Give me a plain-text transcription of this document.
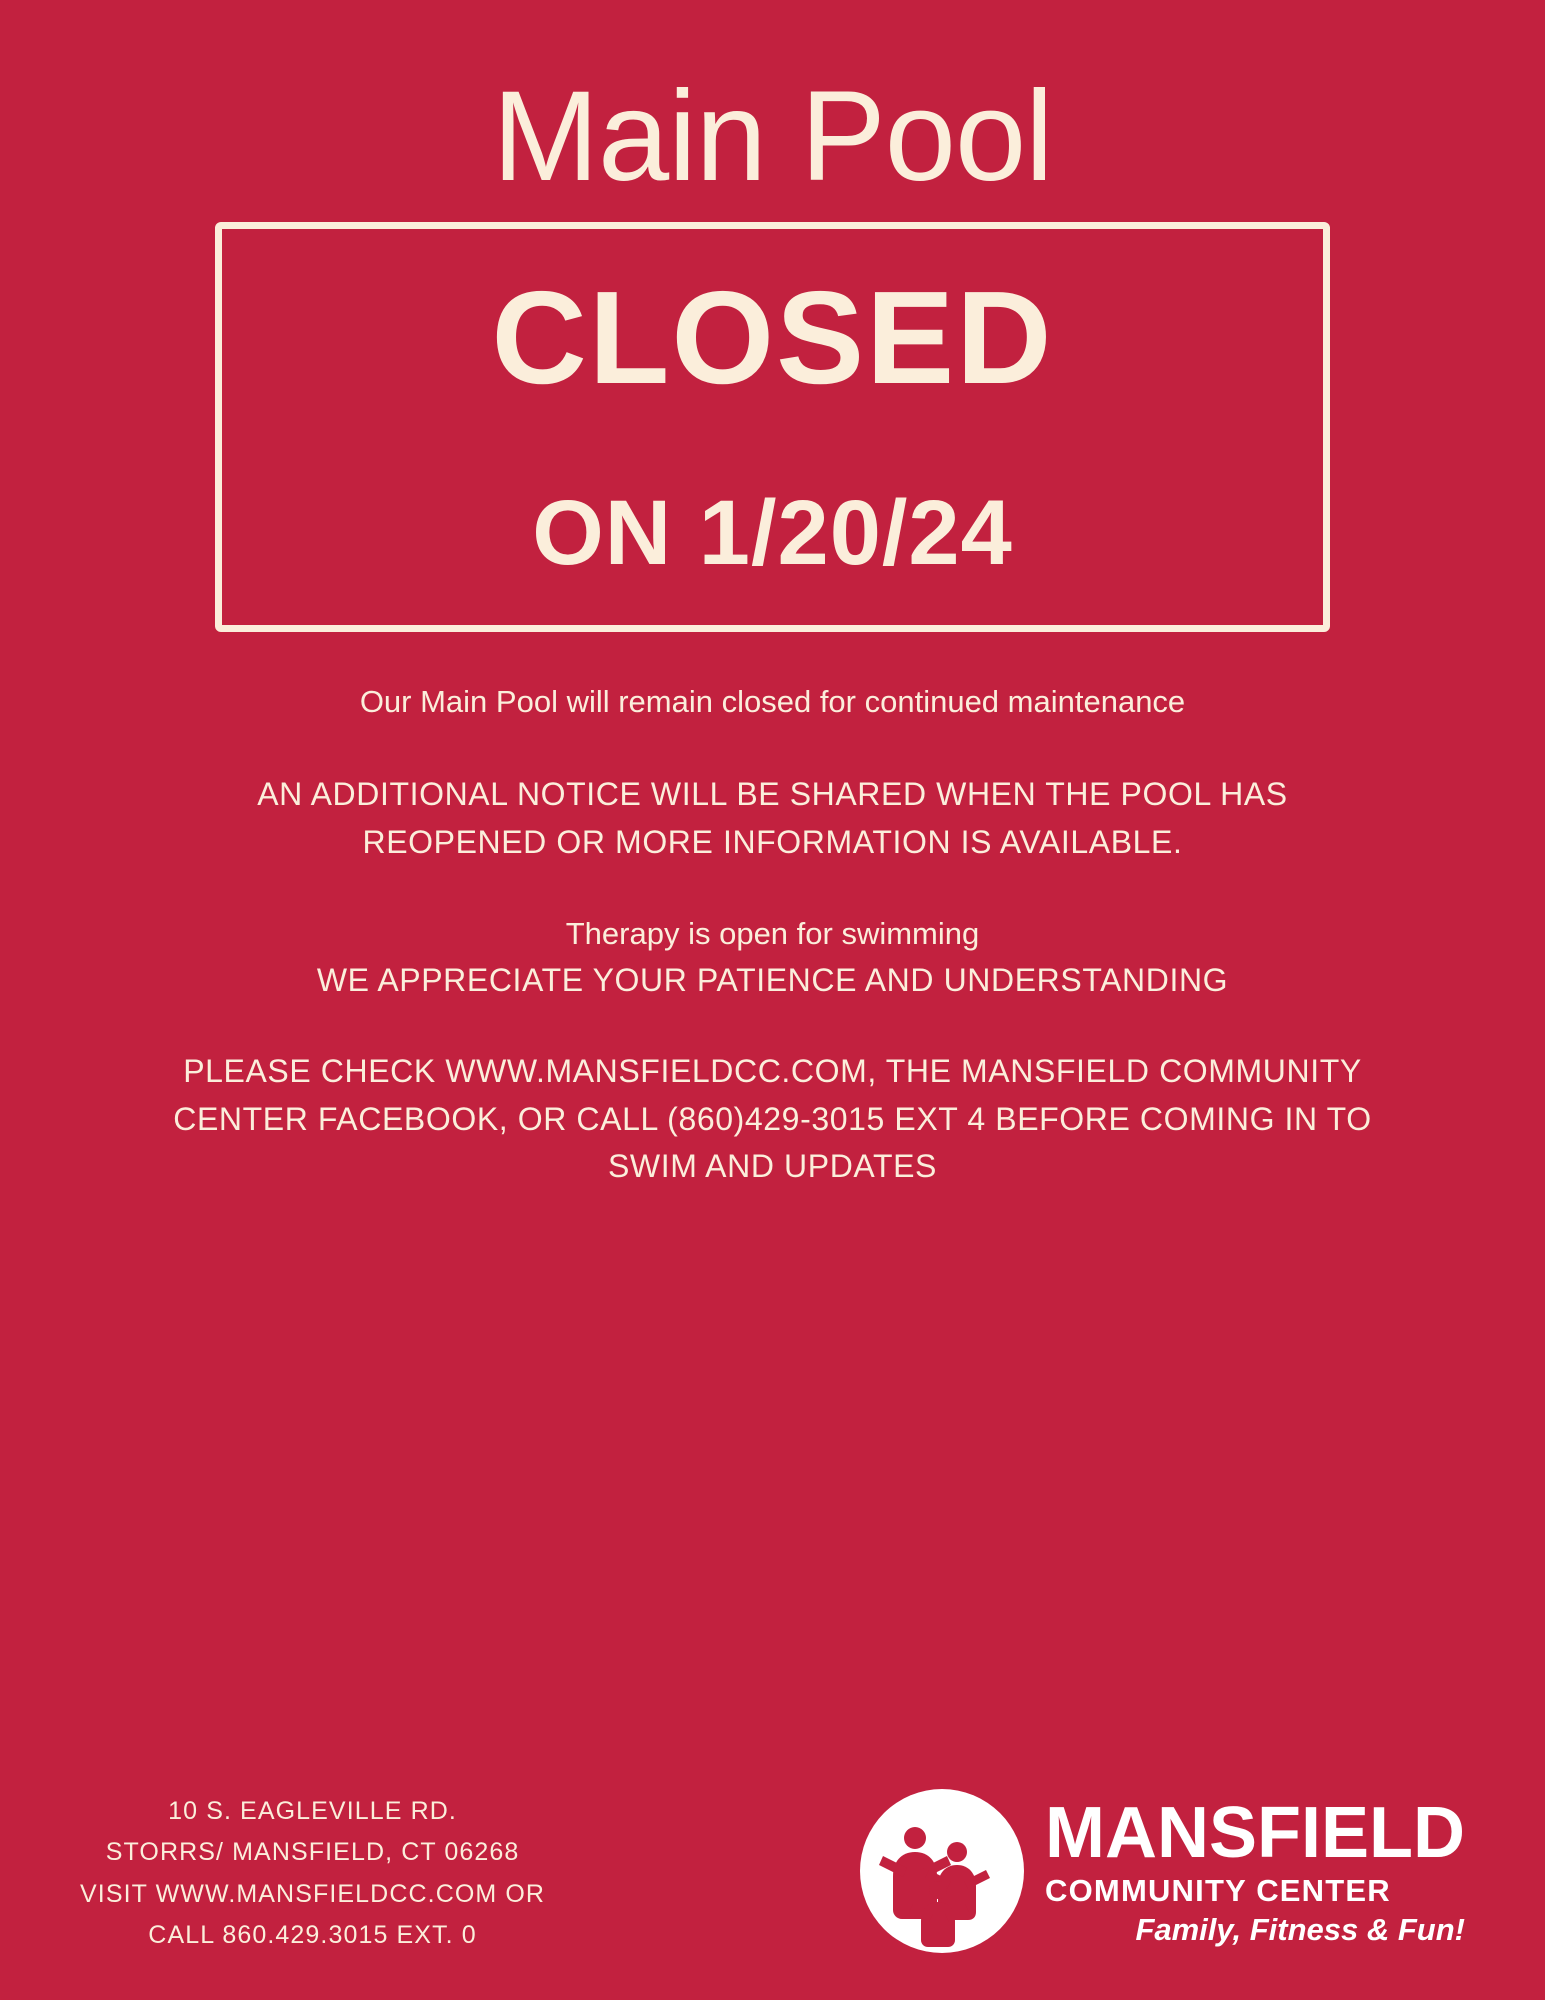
Main Pool
CLOSED
ON 1/20/24

Our Main Pool will remain closed for continued maintenance

AN ADDITIONAL NOTICE WILL BE SHARED WHEN THE POOL HAS REOPENED OR MORE INFORMATION IS AVAILABLE.

Therapy is open for swimming

WE APPRECIATE YOUR PATIENCE AND UNDERSTANDING

PLEASE CHECK WWW.MANSFIELDCC.COM, THE MANSFIELD COMMUNITY CENTER FACEBOOK, OR CALL (860)429-3015 EXT 4 BEFORE COMING IN TO SWIM AND UPDATES

10 S. EAGLEVILLE RD.
STORRS/ MANSFIELD, CT 06268
VISIT WWW.MANSFIELDCC.COM OR
CALL 860.429.3015 EXT. 0
MANSFIELD
COMMUNITY CENTER
Family, Fitness & Fun!
